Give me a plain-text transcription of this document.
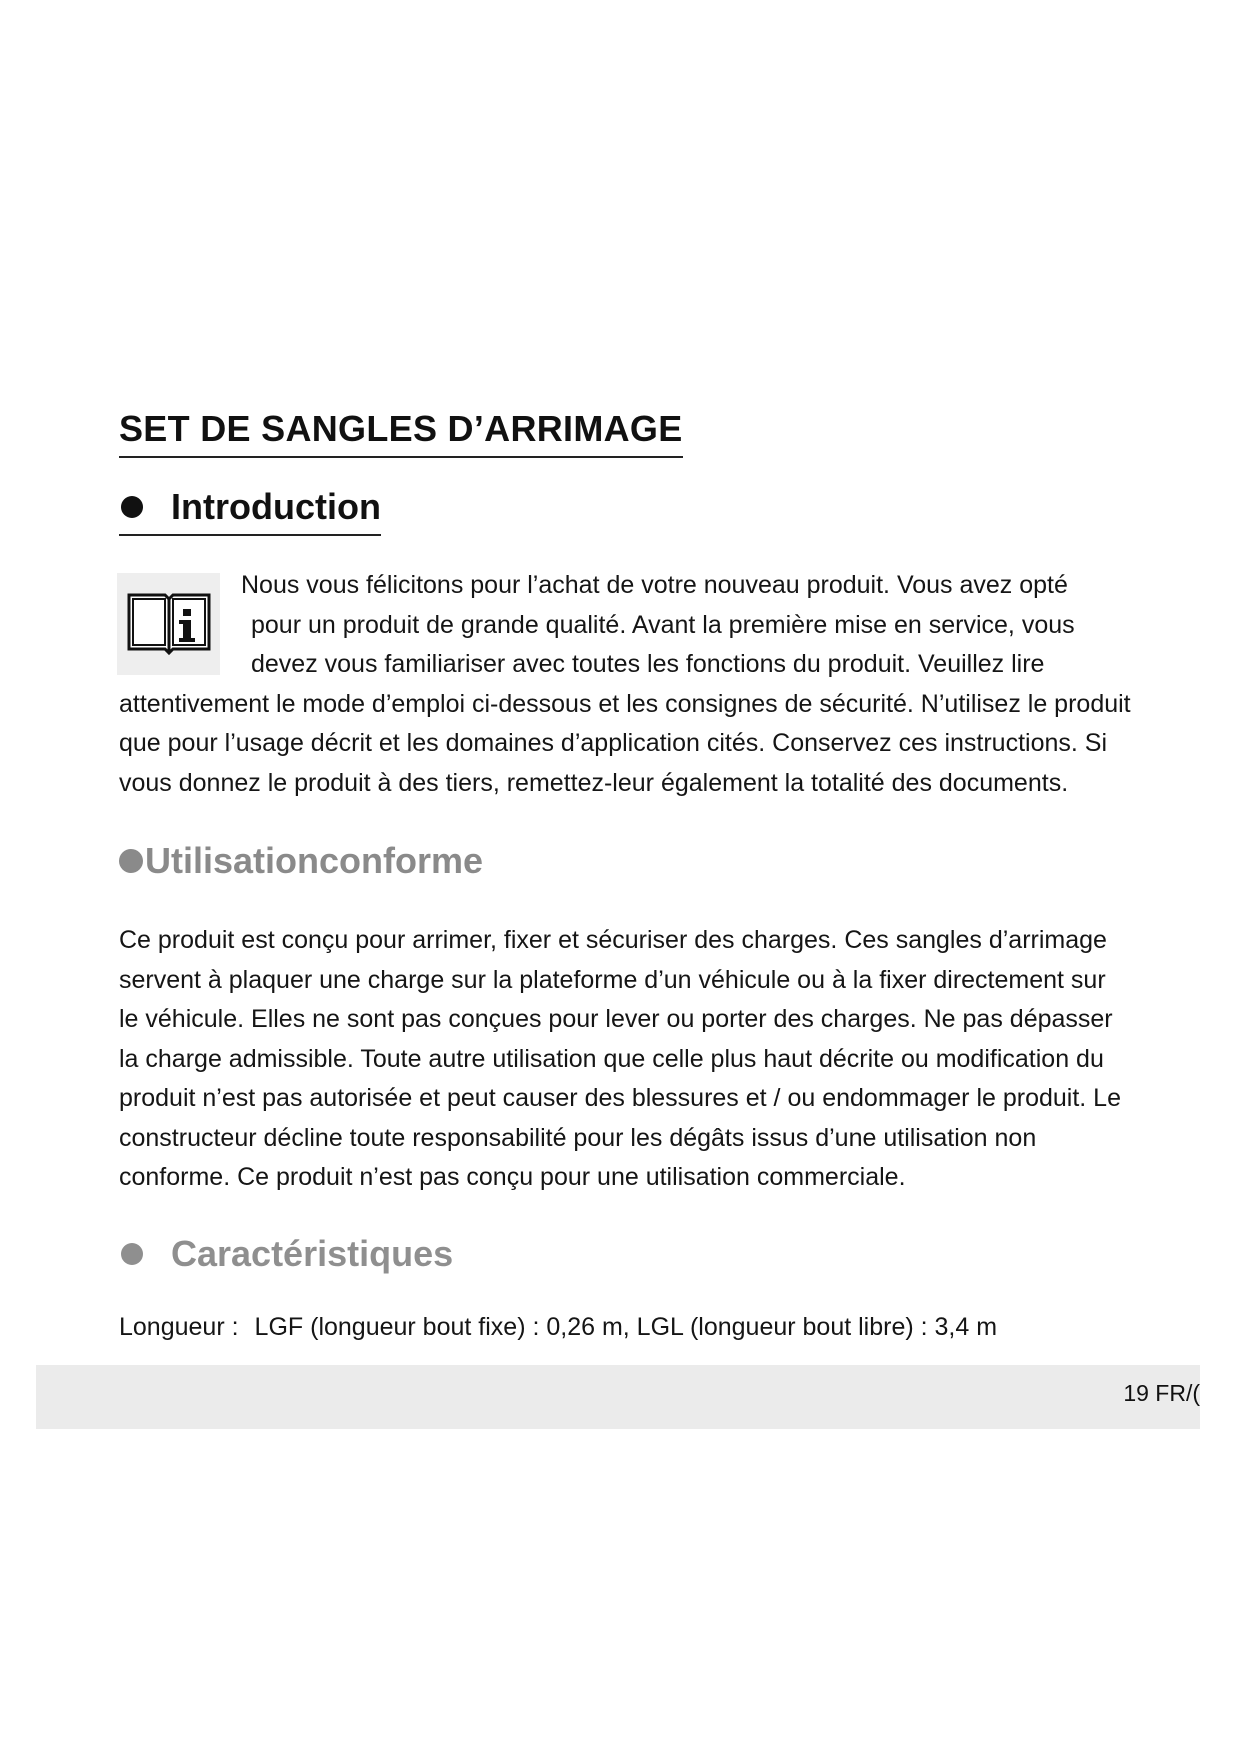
SET DE SANGLES D’ARRIMAGE
Introduction

Nous vous félicitons pour l’achat de votre nouveau produit. Vous avez opté

pour un produit de grande qualité. Avant la première mise en service, vous

devez vous familiariser avec toutes les fonctions du produit. Veuillez lire

attentivement le mode d’emploi ci-dessous et les consignes de sécurité. N’utilisez le produit

que pour l’usage décrit et les domaines d’application cités. Conservez ces instructions. Si

vous donnez le produit à des tiers, remettez-leur également la totalité des documents.

Utilisationconforme

Ce produit est conçu pour arrimer, fixer et sécuriser des charges. Ces sangles d’arrimage

servent à plaquer une charge sur la plateforme d’un véhicule ou à la fixer directement sur

le véhicule. Elles ne sont pas conçues pour lever ou porter des charges. Ne pas dépasser

la charge admissible. Toute autre utilisation que celle plus haut décrite ou modification du

produit n’est pas autorisée et peut causer des blessures et / ou endommager le produit. Le

constructeur décline toute responsabilité pour les dégâts issus d’une utilisation non

conforme. Ce produit n’est pas conçu pour une utilisation commerciale.

Caractéristiques
Longueur : LGF (longueur bout fixe) : 0,26 m, LGL (longueur bout libre) : 3,4 m
19 FR/(
